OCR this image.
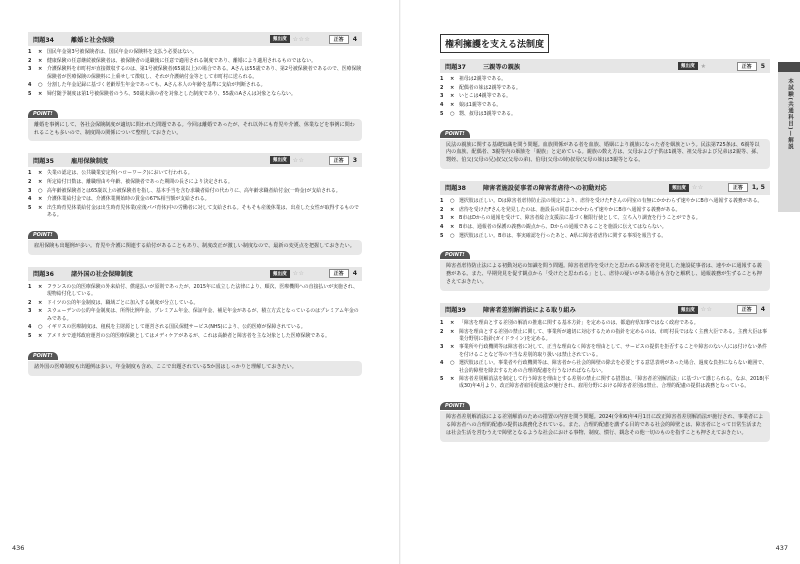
問題34	離婚と社会保険	頻出度	☆☆☆	正答	4
1	× 国民年金第3号被保険者は、国民年金の保険料を支払う必要はない。
2	× 健康保険の任意継続被保険者は、被保険者の退職後に任意で適用される制度であり、離婚により適用されるものではない。
3	× 介護保険料を市町村が直接徴収するのは、第1号被保険者(65歳以上)の場合である。Aさんは55歳であり、第2号被保険者であるので、医療保険保険者が医療保険の保険料に上乗せして徴収し、それが介護納付金等として市町村に送られる。
4	○ 分割した年金記録に基づく老齢厚生年金であっても、Aさん本人の年齢を基準に支給が判断される。
5	× 婦付随予制度は第1号被保険者のうち、50歳未満の者を対象とした制度であり、55歳のAさんは対象とならない。
POINT!
離婚を事例にして、各社会保険制度が適切に問われた問題である。今回は離婚であったが、それ以外にも育児や介護、休業などを事例に問われることも多いので、制度間の関係について整理しておきたい。
問題35	雇用保険制度	頻出度	☆☆	正答	3
1	× 失業の認定は、公共職業安定所(ハローワーク)において行われる。
2	× 所定給付日数は、離職理由や年齢、被保険者であった期間の長さにより決定される。
3	○ 高年齢被保険者とは65歳以上の被保険者を指し、基本手当を含む求職者給付の代わりに、高年齢求職者給付金(一時金)が支給される。
4	× 介護休業給付金では、介護休業開始時の賃金の67%相当額が支給される。
5	× 出生時育児休業給付金は出生時育児休業(産後パパ育休)中の労働者に対して支給される。そもそも産後休業は、出産した女性が取得するものである。
POINT!
雇用保険も出題例が多い。育児や介護に関連する給付があることもあり、制度改正が激しい制度なので、最新の変更点を把握しておきたい。
問題36	諸外国の社会保障制度	頻出度	☆☆	正答	4
1	× フランスの公的医療保険の外来給付、償還払いが原則であったが、2015年に成立した法律により、順次、医療機関への直接払いが実施され、現物給付化している。
2	× ドイツの公的年金制度は、職域ごとに加入する制度が分立している。
3	× スウェーデンの公的年金制度は、所得比例年金、プレミアム年金、保証年金、補足年金があるが、積立方式となっているのはプレミアム年金のみである。
4	○ イギリスの医療制度は、租税を主財源として運営される国民保健サービス(NHS)により、公的医療が保障されている。
5	× アメリカで連邦政府運営の公的医療保険としてはメディケアがあるが、これは高齢者と障害者を主な対象とした医療保険である。
POINT!
諸外国の医療制度も出題例は多い。年金制度も含め、ここで出題されている5か国はしっかりと理解しておきたい。
436
権利擁護を支える法制度
問題37	三親等の親族	頻出度	★	正答	5
1	× 祖母は2親等である。
2	× 配偶者の妹は2親等である。
3	× いとこは4親等である。
4	× 娘は1親等である。
5	○ 甥、叔母は3親等である。
POINT!
民法の親族に関する基礎知識を問う問題。血族関係がある者を血族、婚姻により親族になった者を姻族という。民法第725条は、6親等以内の血族、配偶者、3親等内の姻族を「親族」と定めている。親族の数え方は、父母および子供は1親等、祖父母および兄弟は2親等、孫、甥姪、伯父(父母の兄)叔父(父母の弟)、伯母(父母の姉)叔母(父母の妹)は3親等となる。
問題38	障害者施設従事者の障害者虐待への初動対応	頻出度	☆☆	正答	1, 5
1	○ 選択肢は正しい。Dは障害者虐待防止法の規定により、虐待を受けたFさんの同室の有無にかかわらず速やかにB市へ通報する義務がある。
2	× 虐待を受けたFさんを発見したのは、施設長の同意にかかわらず速やかにB市へ通報する義務がある。
3	× B市はDからの通報を受けて、障害者総合支援法に基づく権限行使として、立ち入り調査を行うことができる。
4	× B市は、通報者の保護の義務の観点から、Dからの通報であることを施設に伝えてはならない。
5	○ 選択肢は正しい。B市は、事実確認を行ったあと、A県に障害者虐待に関する事項を報告する。
POINT!
障害者虐待防止法による初動対応の知識を問う問題。障害者虐待を受けたと思われる障害者を発見した施設従事者は、速やかに通報する義務がある。また、早期発見を促す観点から「受けたと思われる」とし、虐待の疑いがある場合も含むと解釈し、通報義務が生ずることも押さえておきたい。
問題39	障害者差別解消法による取り組み	頻出度	☆☆	正答	4
1	× 「障害を理由とする差別の解消の推進に関する基本方針」を定めるのは、都道府県知事ではなく政府である。
2	× 障害を理由とする差別の禁止に関して、事業所が適切に対応するための指針を定めるのは、市町村長ではなく主務大臣である。主務大臣は事業分野別に指針(ガイドライン)を定める。
3	× 事業所や行政機関等は障害者に対して、正当な理由なく障害を理由として、サービスの提供を拒否することや障害のない人には付けない条件を付けることなど等の不当な差別的取り扱いは禁止されている。
4	○ 選択肢は正しい。事業者や行政機関等は、障害者から社会的障壁の除去を必要とする意思表明があった場合、過度な負担にならない範囲で、社会的障壁を除去するための合理的配慮を行うなければならない。
5	× 障害者差別解消法を制定して行う障害を理由とする差別の禁止に関する措置は、「障害者差別解消法」に基づいて講じられる。なお、2018(平成30)年4月より、改正障害者雇用促進法が施行され、雇用分野における障害者差別は禁止、合理的配慮の提供は義務となっている。
POINT!
障害者差別解消法による差別解消のための措置の内容を問う問題。2024(令和6)年4月1日に改正障害者差別解消法が施行され、事業者による障害者への合理的配慮の提供は義務化されている。また、合理的配慮を講ずる目的である社会的障壁とは、障害者にとって日常生活または社会生活を営むうえで障壁となるような社会における事物、制度、慣行、観念その他一切のものを指すことも押さえておきたい。
本試験(共通科目)—解説
437
